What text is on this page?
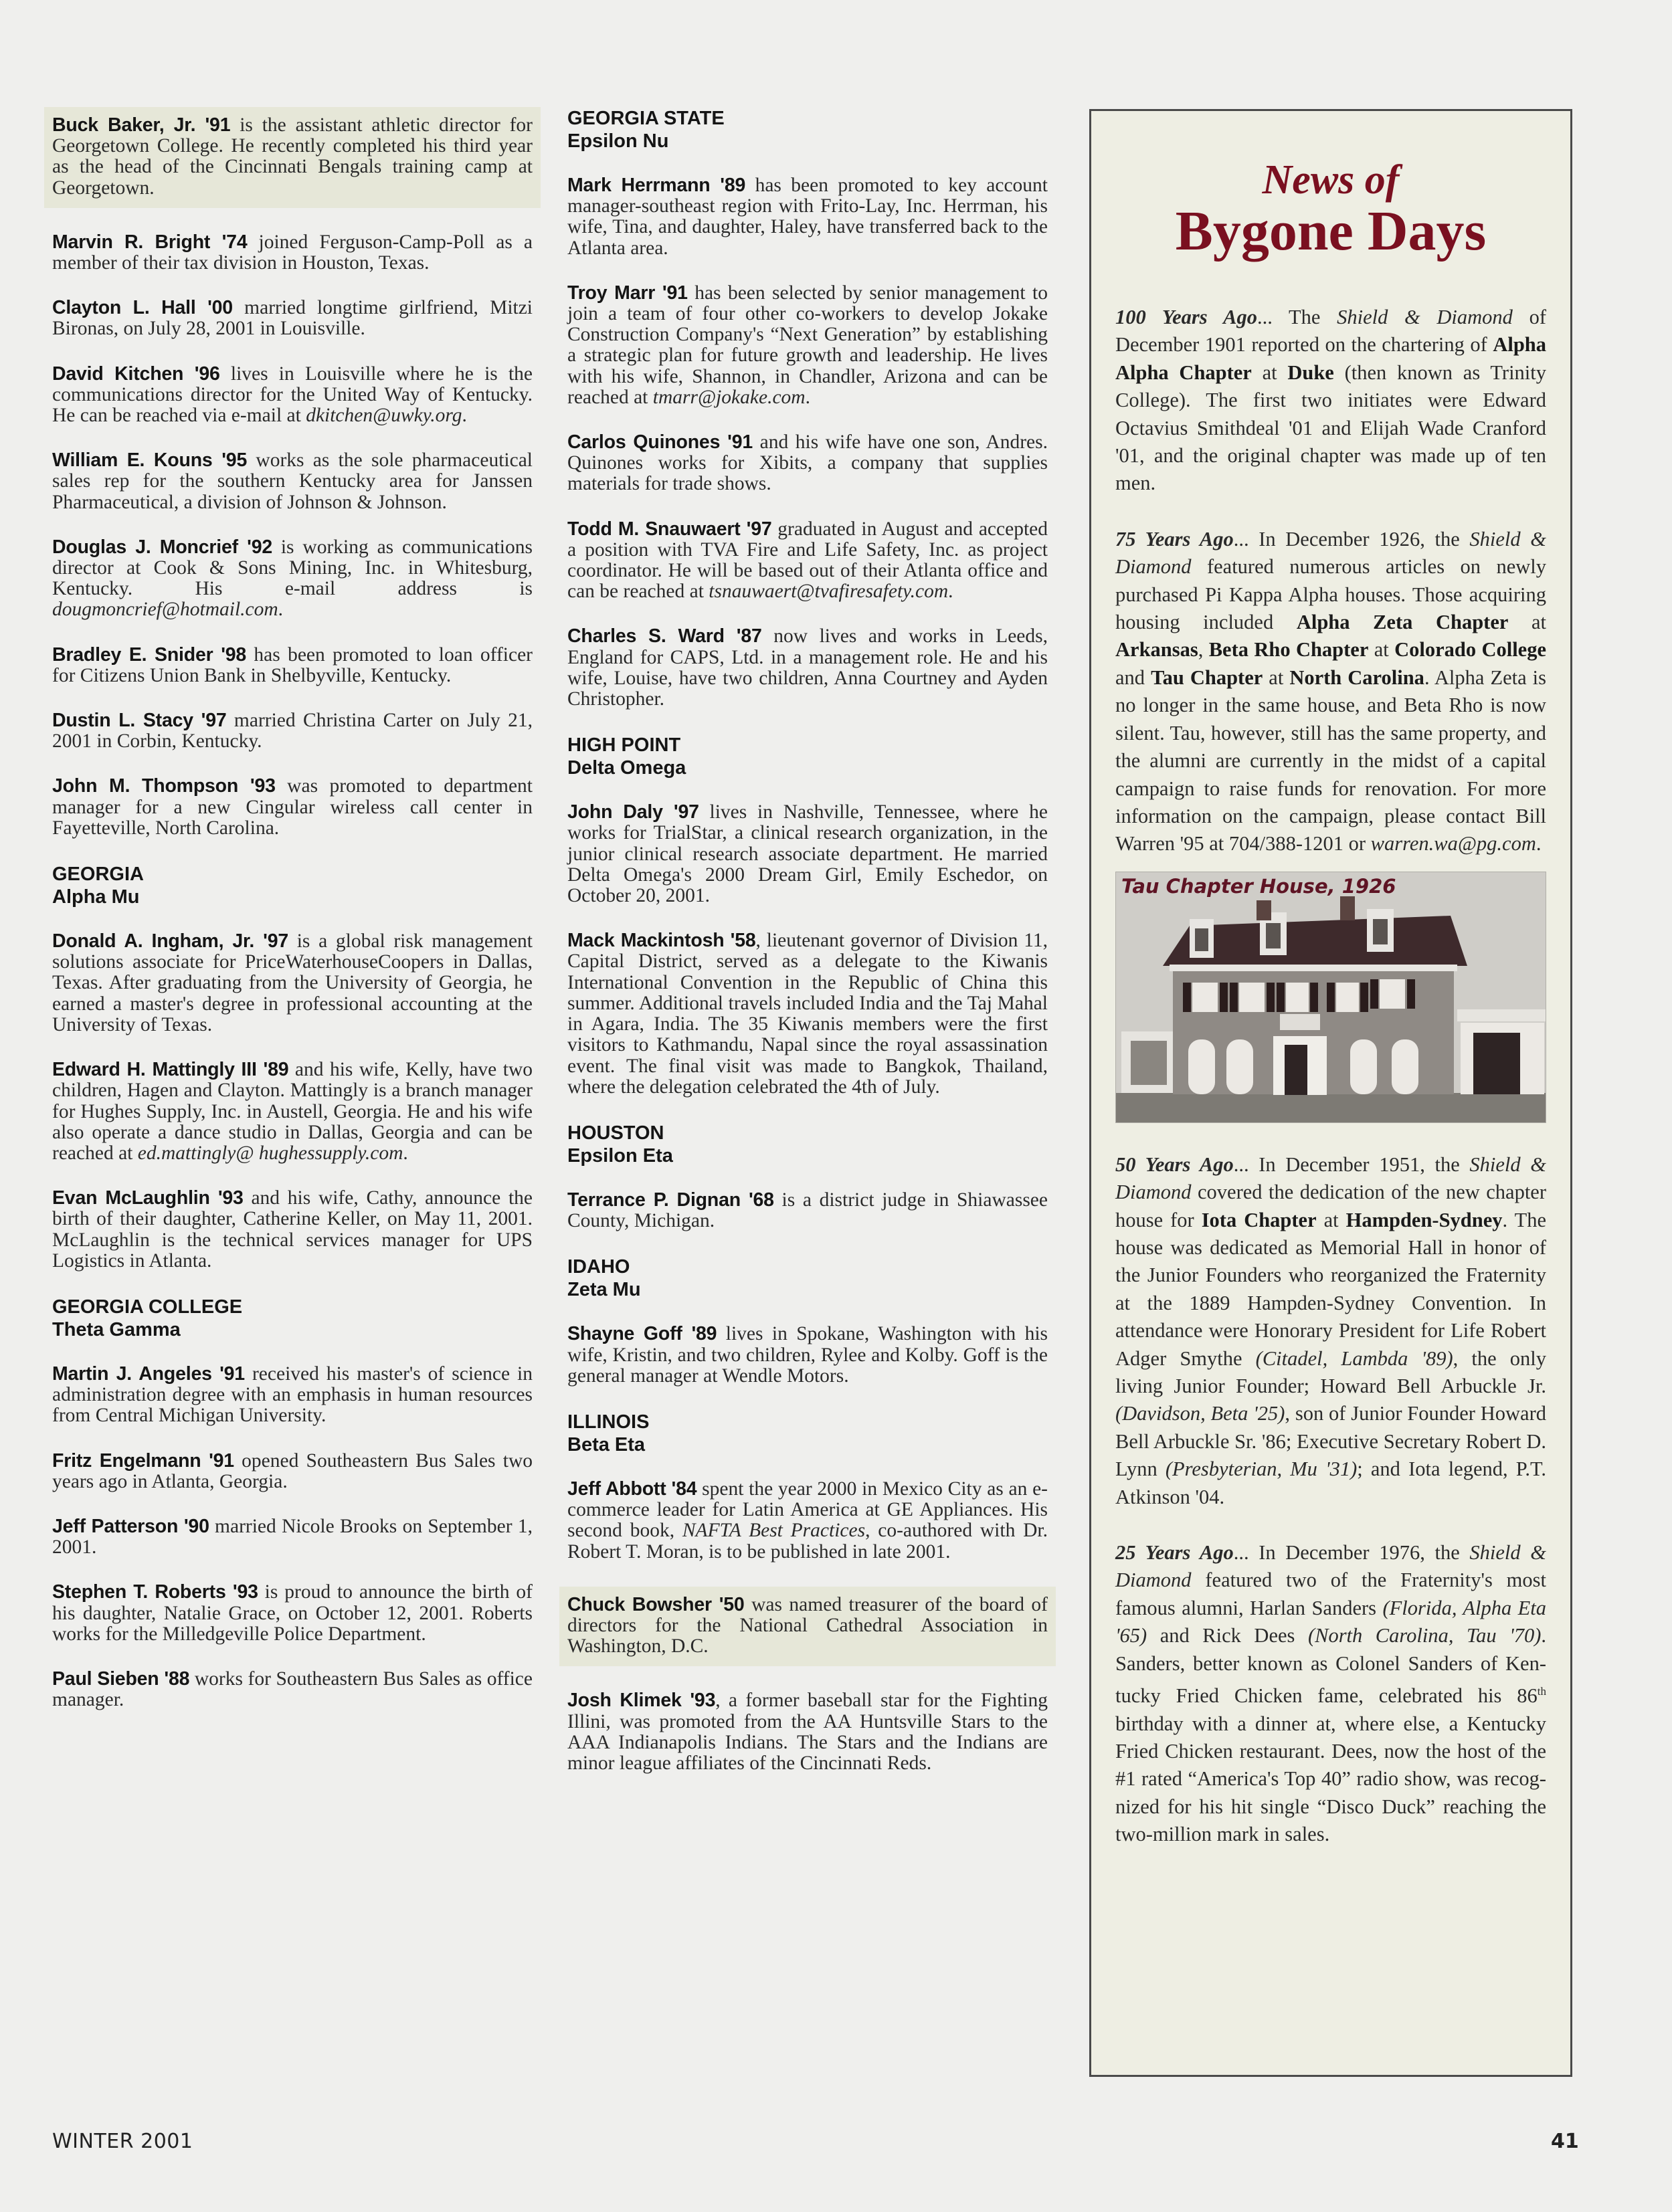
Buck Baker, Jr. '91 is the assistant athletic director for Georgetown College. He recently completed his third year as the head of the Cincinnati Bengals training camp at Georgetown.

Marvin R. Bright '74 joined Ferguson-Camp-Poll as a member of their tax division in Houston, Texas.

Clayton L. Hall '00 married longtime girlfriend, Mitzi Bironas, on July 28, 2001 in Louisville.

David Kitchen '96 lives in Louisville where he is the communications director for the United Way of Kentucky. He can be reached via e-mail at dkitchen@uwky.org.

William E. Kouns '95 works as the sole pharmaceutical sales rep for the southern Kentucky area for Janssen Pharmaceutical, a division of Johnson & Johnson.

Douglas J. Moncrief '92 is working as communications director at Cook & Sons Mining, Inc. in Whitesburg, Kentucky. His e-mail address is dougmoncrief@hotmail.com.

Bradley E. Snider '98 has been promoted to loan officer for Citizens Union Bank in Shelbyville, Kentucky.

Dustin L. Stacy '97 married Christina Carter on July 21, 2001 in Corbin, Kentucky.

John M. Thompson '93 was promoted to department manager for a new Cingular wireless call center in Fayetteville, North Carolina.

GEORGIA
Alpha Mu

Donald A. Ingham, Jr. '97 is a global risk management solutions associate for PriceWaterhouseCoopers in Dallas, Texas. After graduating from the University of Georgia, he earned a master's degree in professional accounting at the University of Texas.

Edward H. Mattingly III '89 and his wife, Kelly, have two children, Hagen and Clayton. Mattingly is a branch manager for Hughes Supply, Inc. in Austell, Georgia. He and his wife also operate a dance studio in Dallas, Georgia and can be reached at ed.mattingly@ hughessupply.com.

Evan McLaughlin '93 and his wife, Cathy, announce the birth of their daughter, Catherine Keller, on May 11, 2001. McLaughlin is the technical services manager for UPS Logistics in Atlanta.

GEORGIA COLLEGE
Theta Gamma

Martin J. Angeles '91 received his master's of science in administration degree with an emphasis in human resources from Central Michigan University.

Fritz Engelmann '91 opened Southeastern Bus Sales two years ago in Atlanta, Georgia.

Jeff Patterson '90 married Nicole Brooks on September 1, 2001.

Stephen T. Roberts '93 is proud to announce the birth of his daughter, Natalie Grace, on October 12, 2001. Roberts works for the Milledgeville Police Department.

Paul Sieben '88 works for Southeastern Bus Sales as office manager.

GEORGIA STATE
Epsilon Nu

Mark Herrmann '89 has been promoted to key account manager-southeast region with Frito-Lay, Inc. Herrman, his wife, Tina, and daughter, Haley, have transferred back to the Atlanta area.

Troy Marr '91 has been selected by senior management to join a team of four other co-workers to develop Jokake Construction Company's “Next Generation” by establishing a strategic plan for future growth and leadership. He lives with his wife, Shannon, in Chandler, Arizona and can be reached at tmarr@jokake.com.

Carlos Quinones '91 and his wife have one son, Andres. Quinones works for Xibits, a company that supplies materials for trade shows.

Todd M. Snauwaert '97 graduated in August and accepted a position with TVA Fire and Life Safety, Inc. as project coordinator. He will be based out of their Atlanta office and can be reached at tsnauwaert@tvafiresafety.com.

Charles S. Ward '87 now lives and works in Leeds, England for CAPS, Ltd. in a management role. He and his wife, Louise, have two children, Anna Courtney and Ayden Christopher.

HIGH POINT
Delta Omega

John Daly '97 lives in Nashville, Tennessee, where he works for TrialStar, a clinical research organization, in the junior clinical research associate department. He married Delta Omega's 2000 Dream Girl, Emily Eschedor, on October 20, 2001.

Mack Mackintosh '58, lieutenant governor of Division 11, Capital District, served as a delegate to the Kiwanis International Convention in the Republic of China this summer. Additional travels included India and the Taj Mahal in Agara, India. The 35 Kiwanis members were the first visitors to Kathmandu, Napal since the royal assassination event. The final visit was made to Bangkok, Thailand, where the delegation celebrated the 4th of July.

HOUSTON
Epsilon Eta

Terrance P. Dignan '68 is a district judge in Shiawassee County, Michigan.

IDAHO
Zeta Mu

Shayne Goff '89 lives in Spokane, Washington with his wife, Kristin, and two children, Rylee and Kolby. Goff is the general manager at Wendle Motors.

ILLINOIS
Beta Eta

Jeff Abbott '84 spent the year 2000 in Mexico City as an e-commerce leader for Latin America at GE Appliances. His second book, NAFTA Best Practices, co-authored with Dr. Robert T. Moran, is to be published in late 2001.

Chuck Bowsher '50 was named treasurer of the board of directors for the National Cathedral Association in Washington, D.C.

Josh Klimek '93, a former baseball star for the Fighting Illini, was promoted from the AA Huntsville Stars to the AAA Indianapolis Indians. The Stars and the Indians are minor league affiliates of the Cincinnati Reds.

News of
Bygone Days

100 Years Ago... The Shield & Diamond of December 1901 reported on the chartering of Alpha Alpha Chapter at Duke (then known as Trinity College). The first two initiates were Edward Octavius Smithdeal '01 and Elijah Wade Cranford '01, and the original chapter was made up of ten men.

75 Years Ago... In December 1926, the Shield & Diamond featured numerous articles on newly purchased Pi Kappa Alpha houses. Those acquiring housing included Alpha Zeta Chapter at Arkansas, Beta Rho Chapter at Colorado College and Tau Chapter at North Carolina. Alpha Zeta is no longer in the same house, and Beta Rho is now silent. Tau, however, still has the same property, and the alumni are currently in the midst of a capital campaign to raise funds for renovation. For more information on the campaign, please contact Bill Warren '95 at 704/388-1201 or warren.wa@pg.com.

Tau Chapter House, 1926

50 Years Ago... In December 1951, the Shield & Diamond covered the dedication of the new chapter house for Iota Chapter at Hampden-Sydney. The house was dedicated as Memorial Hall in honor of the Junior Founders who reorganized the Fraternity at the 1889 Hampden-Sydney Convention. In attendance were Honorary President for Life Robert Adger Smythe (Citadel, Lambda '89), the only living Junior Founder; Howard Bell Arbuckle Jr. (Davidson, Beta '25), son of Junior Founder Howard Bell Arbuckle Sr. '86; Executive Secretary Robert D. Lynn (Presbyterian, Mu '31); and Iota legend, P.T. Atkinson '04.

25 Years Ago... In December 1976, the Shield & Diamond featured two of the Fraternity's most famous alumni, Harlan Sanders (Florida, Alpha Eta '65) and Rick Dees (North Carolina, Tau '70). Sanders, better known as Colonel Sanders of Kentucky Fried Chicken fame, celebrated his 86th birthday with a dinner at, where else, a Kentucky Fried Chicken restaurant. Dees, now the host of the #1 rated “America's Top 40” radio show, was recognized for his hit single “Disco Duck” reaching the two-million mark in sales.

WINTER 2001	41
